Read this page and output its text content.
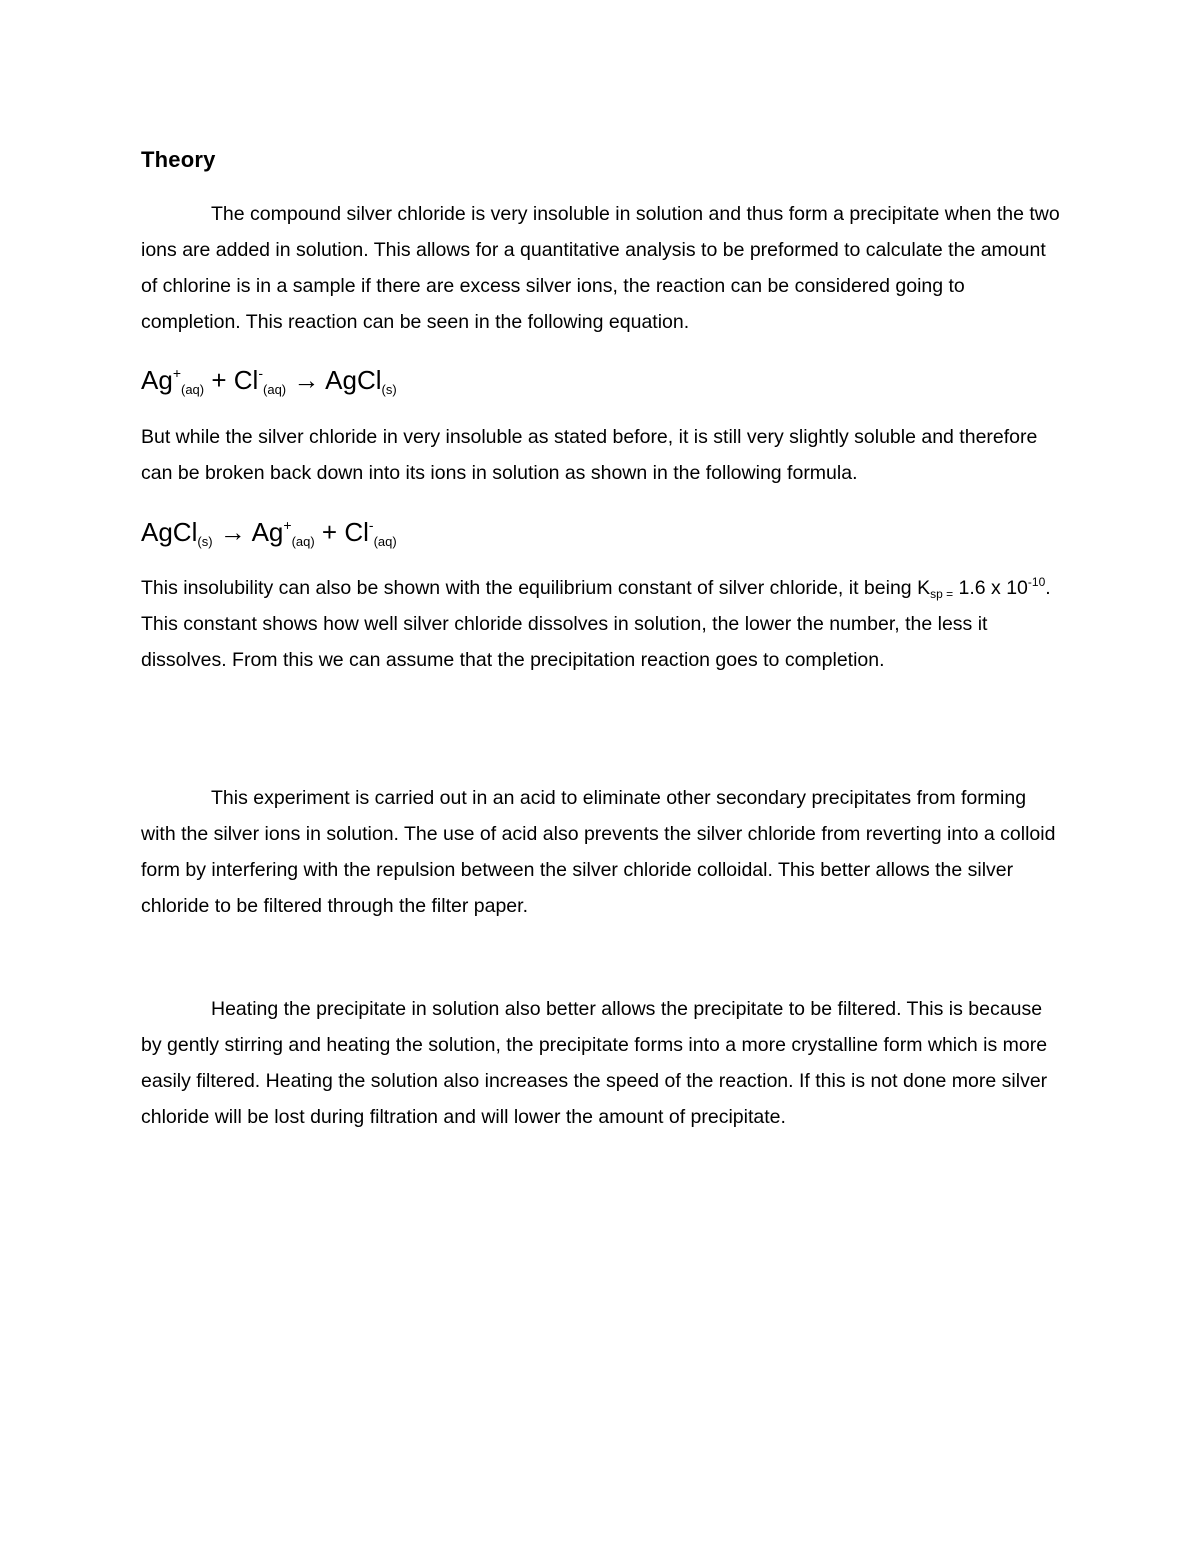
Theory

The compound silver chloride is very insoluble in solution and thus form a precipitate when the two ions are added in solution. This allows for a quantitative analysis to be preformed to calculate the amount of chlorine is in a sample if there are excess silver ions, the reaction can be considered going to completion. This reaction can be seen in the following equation.

$Ag^+_{(aq)} + Cl^-_{(aq)}$ → AgCl$_{(s)}$

But while the silver chloride in very insoluble as stated before, it is still very slightly soluble and therefore can be broken back down into its ions in solution as shown in the following formula.

AgCl$_{(s)}$ → $Ag^+_{(aq)} + Cl^-_{(aq)}$

This insolubility can also be shown with the equilibrium constant of silver chloride, it being $K_{sp =}$ 1.6 x $10^{-10}$. This constant shows how well silver chloride dissolves in solution, the lower the number, the less it dissolves. From this we can assume that the precipitation reaction goes to completion.

This experiment is carried out in an acid to eliminate other secondary precipitates from forming with the silver ions in solution. The use of acid also prevents the silver chloride from reverting into a colloid form by interfering with the repulsion between the silver chloride colloidal. This better allows the silver chloride to be filtered through the filter paper.

Heating the precipitate in solution also better allows the precipitate to be filtered. This is because by gently stirring and heating the solution, the precipitate forms into a more crystalline form which is more easily filtered. Heating the solution also increases the speed of the reaction. If this is not done more silver chloride will be lost during filtration and will lower the amount of precipitate.
